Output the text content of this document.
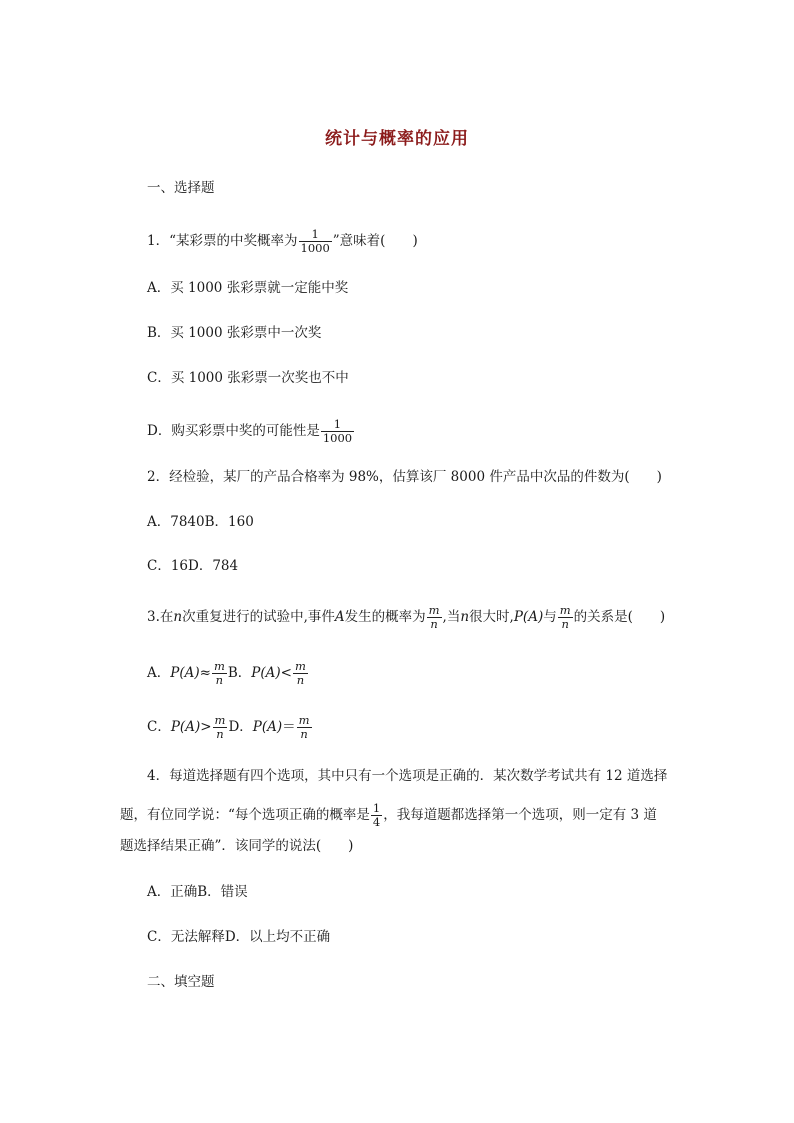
统计与概率的应用
一、选择题
1．“某彩票的中奖概率为 $\frac{1}{1000}$ ”意味着(　　)
A．买 1000 张彩票就一定能中奖
B．买 1000 张彩票中一次奖
C．买 1000 张彩票一次奖也不中
D．购买彩票中奖的可能性是 $\frac{1}{1000}$
2．经检验，某厂的产品合格率为 98%，估算该厂 8000 件产品中次品的件数为(　　)
A．7840B．160
C．16D．784
3.在n次重复进行的试验中,事件A发生的概率为 $\frac{m}{n}$ ,当n很大时,P(A)与 $\frac{m}{n}$ 的关系是(　　)
A．$P(A)\approx \frac{m}{n}$ B．$P(A)< \frac{m}{n}$
C．$P(A)> \frac{m}{n}$ D．$P(A)= \frac{m}{n}$
4．每道选择题有四个选项，其中只有一个选项是正确的．某次数学考试共有 12 道选择
题，有位同学说：“每个选项正确的概率是 $\frac{1}{4}$ ，我每道题都选择第一个选项，则一定有 3 道
题选择结果正确”．该同学的说法(　　)
A．正确B．错误
C．无法解释D．以上均不正确
二、填空题
